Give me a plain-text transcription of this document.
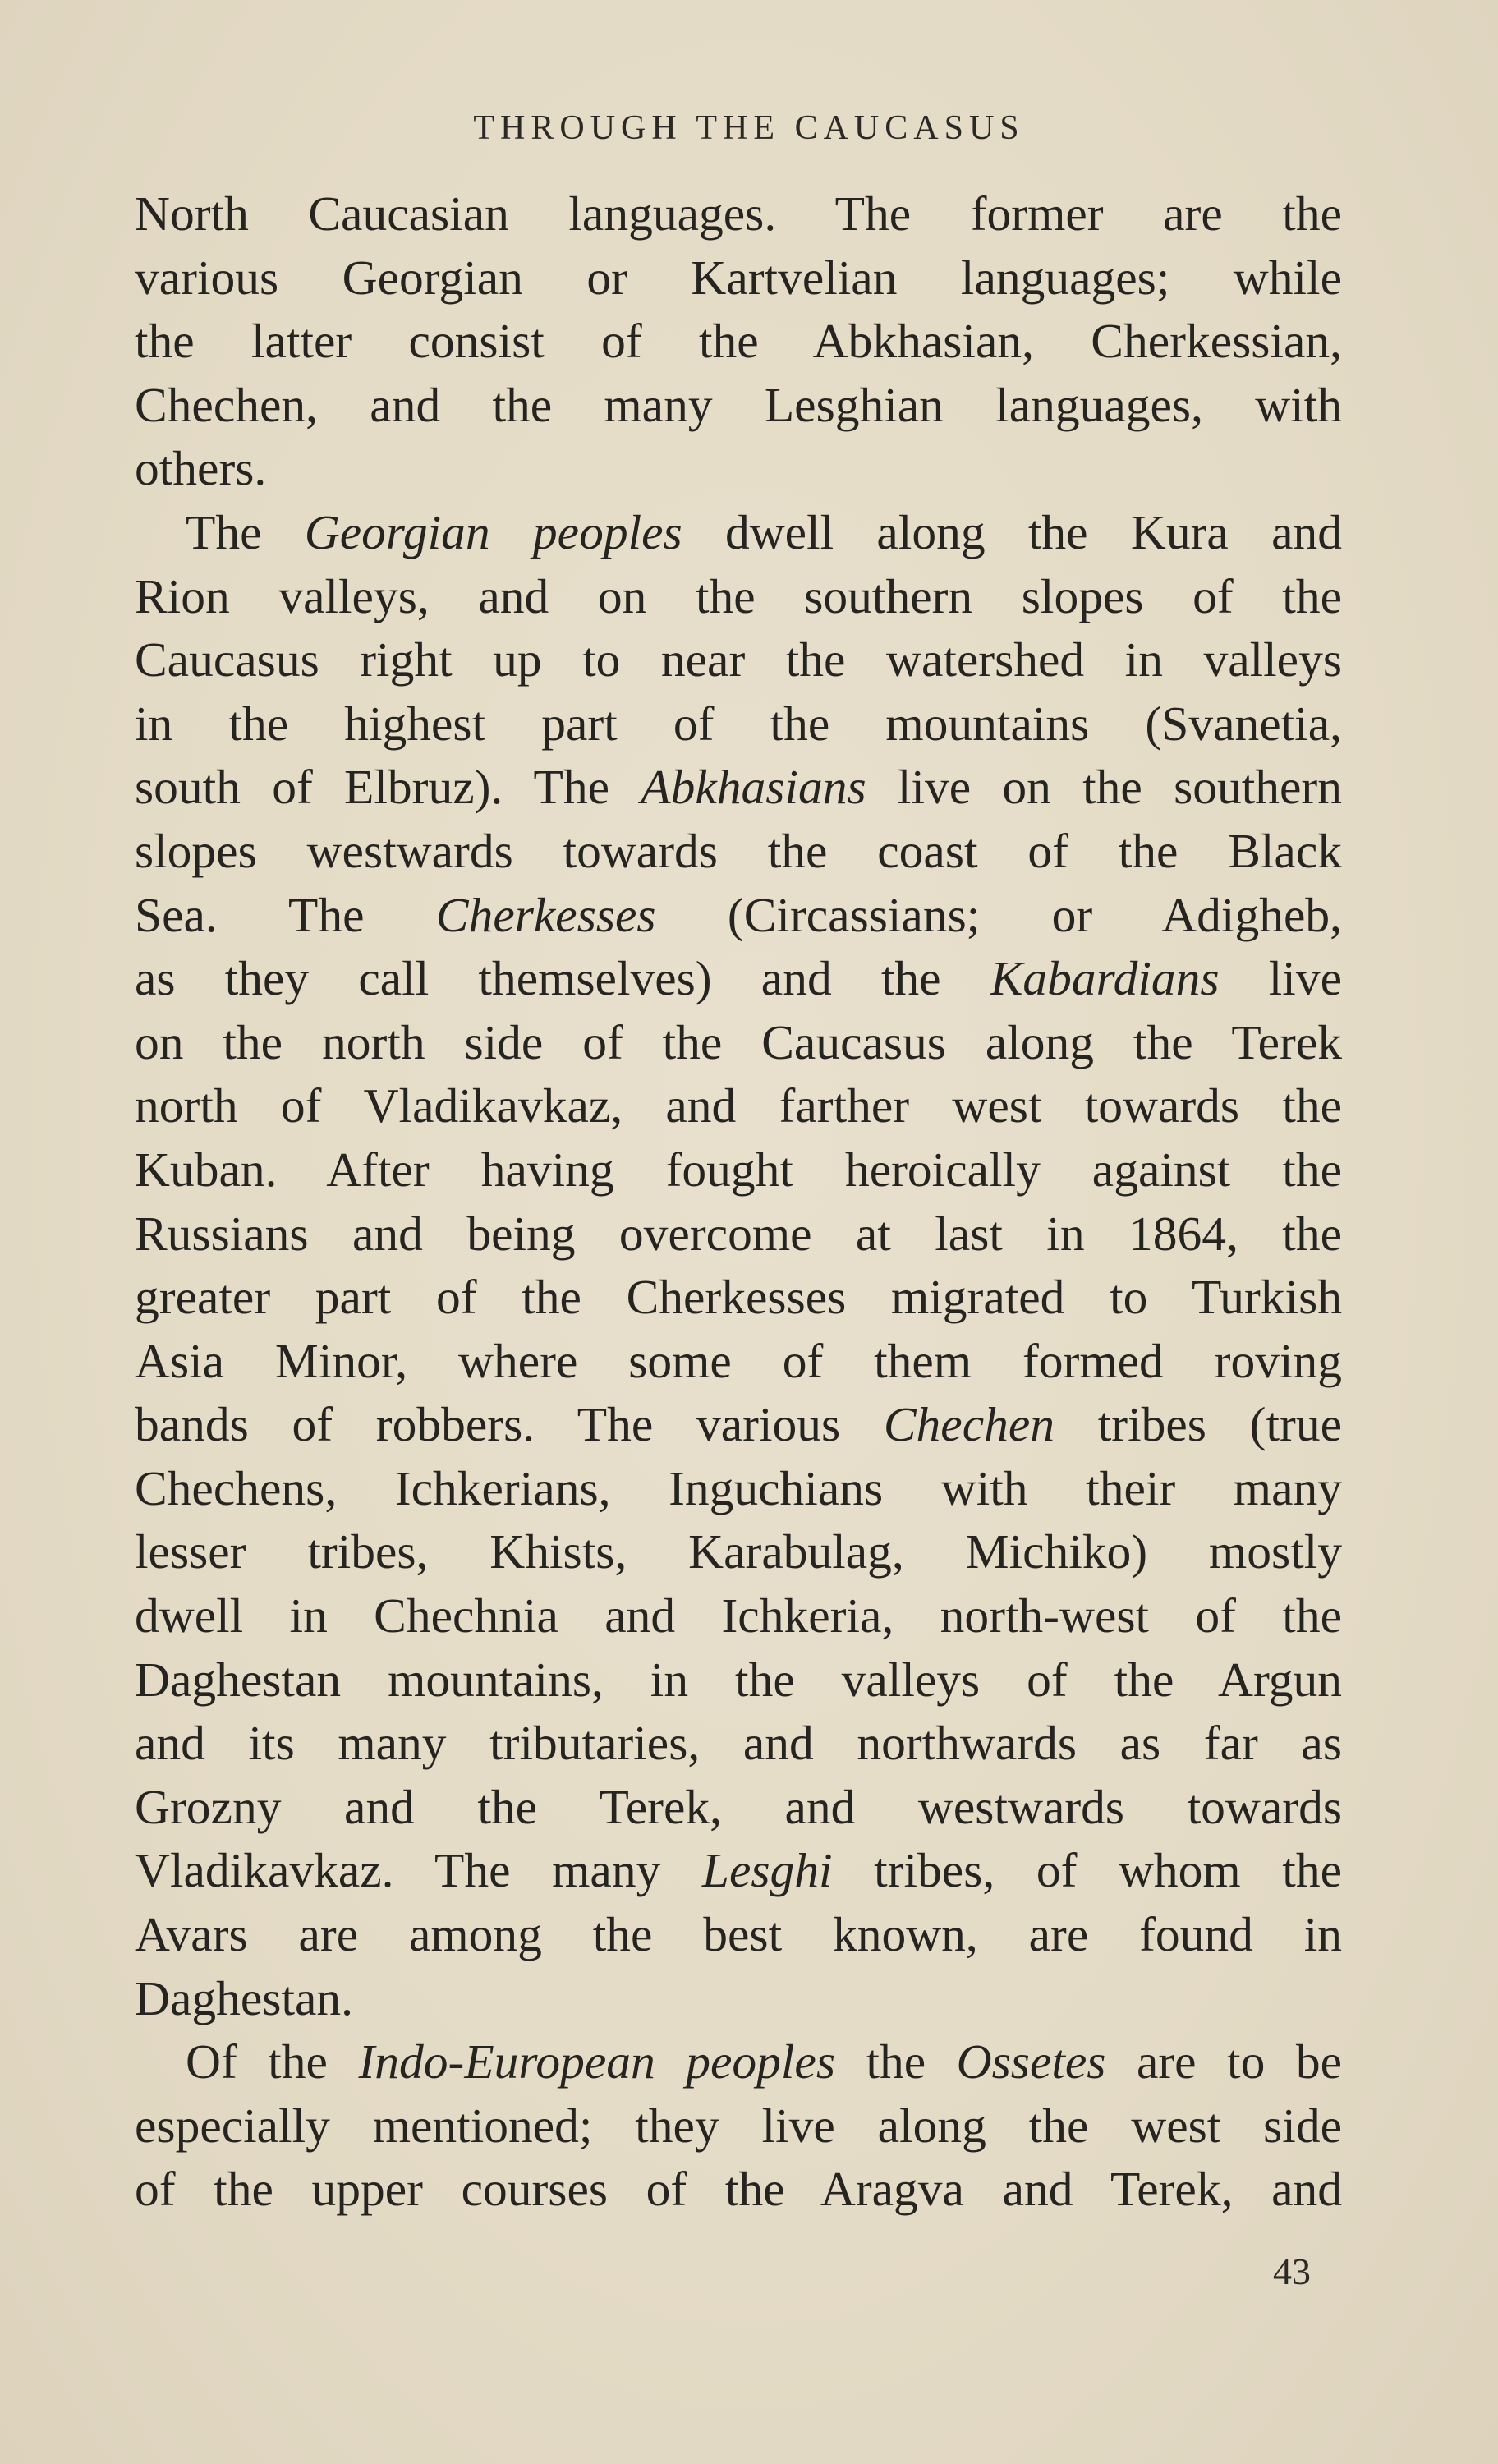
THROUGH THE CAUCASUS
North Caucasian languages. The former are the
various Georgian or Kartvelian languages; while
the latter consist of the Abkhasian, Cherkessian,
Chechen, and the many Lesghian languages, with
others.
The Georgian peoples dwell along the Kura and
Rion valleys, and on the southern slopes of the
Caucasus right up to near the watershed in valleys
in the highest part of the mountains (Svanetia,
south of Elbruz). The Abkhasians live on the southern
slopes westwards towards the coast of the Black
Sea. The Cherkesses (Circassians; or Adigheb,
as they call themselves) and the Kabardians live
on the north side of the Caucasus along the Terek
north of Vladikavkaz, and farther west towards the
Kuban. After having fought heroically against the
Russians and being overcome at last in 1864, the
greater part of the Cherkesses migrated to Turkish
Asia Minor, where some of them formed roving
bands of robbers. The various Chechen tribes (true
Chechens, Ichkerians, Inguchians with their many
lesser tribes, Khists, Karabulag, Michiko) mostly
dwell in Chechnia and Ichkeria, north-west of the
Daghestan mountains, in the valleys of the Argun
and its many tributaries, and northwards as far as
Grozny and the Terek, and westwards towards
Vladikavkaz. The many Lesghi tribes, of whom the
Avars are among the best known, are found in
Daghestan.
Of the Indo-European peoples the Ossetes are to be
especially mentioned; they live along the west side
of the upper courses of the Aragva and Terek, and
43
